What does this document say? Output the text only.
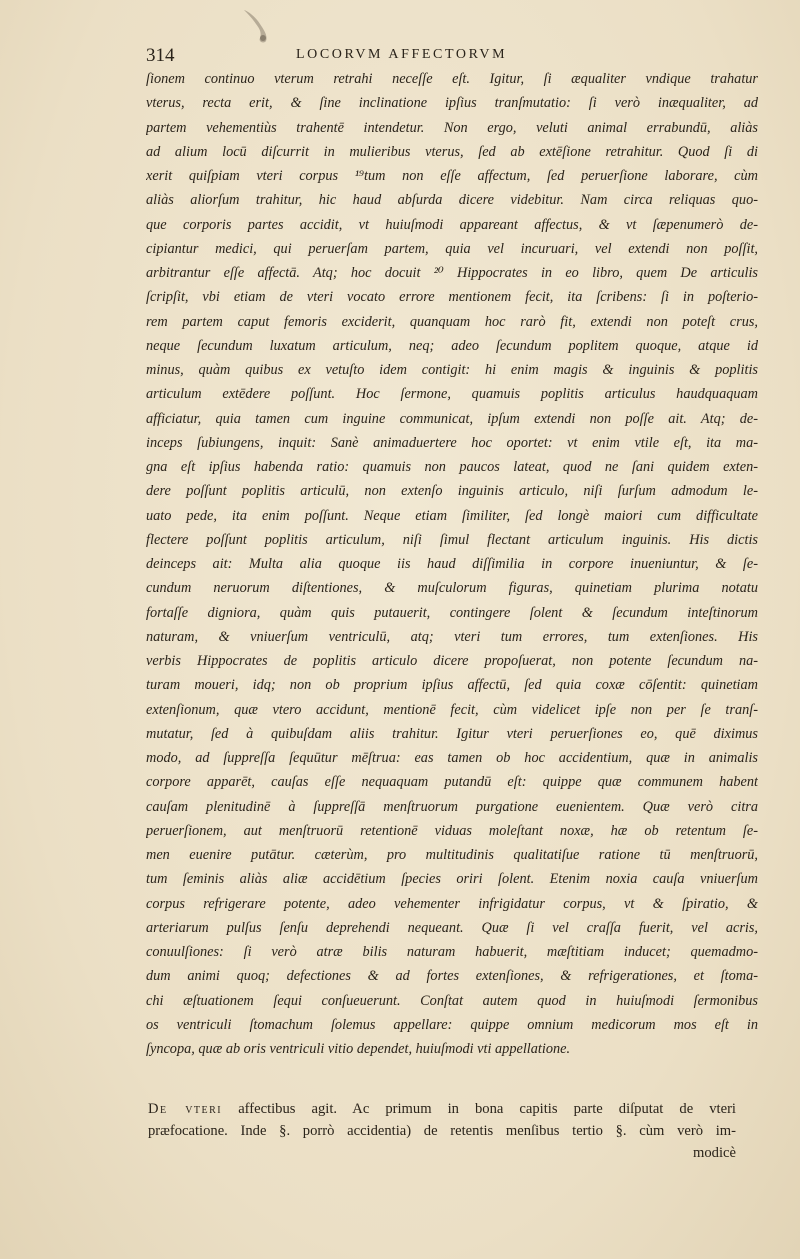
314	LOCORVM AFFECTORVM
ſionem continuo vterum retrahi neceſſe eſt. Igitur, ſi æqualiter vndique trahatur
vterus, recta erit, & ſine inclinatione ipſius tranſmutatio: ſi verò inæqualiter, ad
partem vehementiùs trahentē intendetur. Non ergo, veluti animal errabundū, aliàs
ad alium locū diſcurrit in mulieribus vterus, ſed ab extēſione retrahitur. Quod ſi di
xerit quiſpiam vteri corpus ¹⁹tum non eſſe affectum, ſed peruerſione laborare, cùm
aliàs aliorſum trahitur, hic haud abſurda dicere videbitur. Nam circa reliquas quo-
que corporis partes accidit, vt huiuſmodi appareant affectus, & vt ſæpenumerò de-
cipiantur medici, qui peruerſam partem, quia vel incuruari, vel extendi non poſſit,
arbitrantur eſſe affectā. Atq; hoc docuit ²⁰ Hippocrates in eo libro, quem De articulis
ſcripſit, vbi etiam de vteri vocato errore mentionem fecit, ita ſcribens: ſi in poſterio-
rem partem caput femoris exciderit, quanquam hoc rarò fit, extendi non poteſt crus,
neque ſecundum luxatum articulum, neq; adeo ſecundum poplitem quoque, atque id
minus, quàm quibus ex vetuſto idem contigit: hi enim magis & inguinis & poplitis
articulum extēdere poſſunt. Hoc ſermone, quamuis poplitis articulus haudquaquam
afficiatur, quia tamen cum inguine communicat, ipſum extendi non poſſe ait. Atq; de-
inceps ſubiungens, inquit: Sanè animaduertere hoc oportet: vt enim vtile eſt, ita ma-
gna eſt ipſius habenda ratio: quamuis non paucos lateat, quod ne ſani quidem exten-
dere poſſunt poplitis articulū, non extenſo inguinis articulo, niſi ſurſum admodum le-
uato pede, ita enim poſſunt. Neque etiam ſimiliter, ſed longè maiori cum difficultate
flectere poſſunt poplitis articulum, niſi ſimul flectant articulum inguinis. His dictis
deinceps ait: Multa alia quoque iis haud diſſimilia in corpore inueniuntur, & ſe-
cundum neruorum diſtentiones, & muſculorum figuras, quinetiam plurima notatu
fortaſſe digniora, quàm quis putauerit, contingere ſolent & ſecundum inteſtinorum
naturam, & vniuerſum ventriculū, atq; vteri tum errores, tum extenſiones. His
verbis Hippocrates de poplitis articulo dicere propoſuerat, non potente ſecundum na-
turam moueri, idq; non ob proprium ipſius affectū, ſed quia coxæ cōſentit: quinetiam
extenſionum, quæ vtero accidunt, mentionē fecit, cùm videlicet ipſe non per ſe tranſ-
mutatur, ſed à quibuſdam aliis trahitur. Igitur vteri peruerſiones eo, quē diximus
modo, ad ſuppreſſa ſequūtur mēſtrua: eas tamen ob hoc accidentium, quæ in animalis
corpore apparēt, cauſas eſſe nequaquam putandū eſt: quippe quæ communem habent
cauſam plenitudinē à ſuppreſſā menſtruorum purgatione euenientem. Quæ verò citra
peruerſionem, aut menſtruorū retentionē viduas moleſtant noxæ, hæ ob retentum ſe-
men euenire putātur. cæterùm, pro multitudinis qualitatiſue ratione tū menſtruorū,
tum ſeminis aliàs aliæ accidētium ſpecies oriri ſolent. Etenim noxia cauſa vniuerſum
corpus refrigerare potente, adeo vehementer infrigidatur corpus, vt & ſpiratio, &
arteriarum pulſus ſenſu deprehendi nequeant. Quæ ſi vel craſſa fuerit, vel acris,
conuulſiones: ſi verò atræ bilis naturam habuerit, mæſtitiam inducet; quemadmo-
dum animi quoq; defectiones & ad fortes extenſiones, & refrigerationes, et ſtoma-
chi æſtuationem ſequi conſueuerunt. Conſtat autem quod in huiuſmodi ſermonibus
os ventriculi ſtomachum ſolemus appellare: quippe omnium medicorum mos eſt in
ſyncopa, quæ ab oris ventriculi vitio dependet, huiuſmodi vti appellatione.
De vteri affectibus agit. Ac primum in bona capitis parte diſputat de vteri
præfocatione. Inde §. porrò accidentia) de retentis menſibus tertio §. cùm verò im-
modicè
